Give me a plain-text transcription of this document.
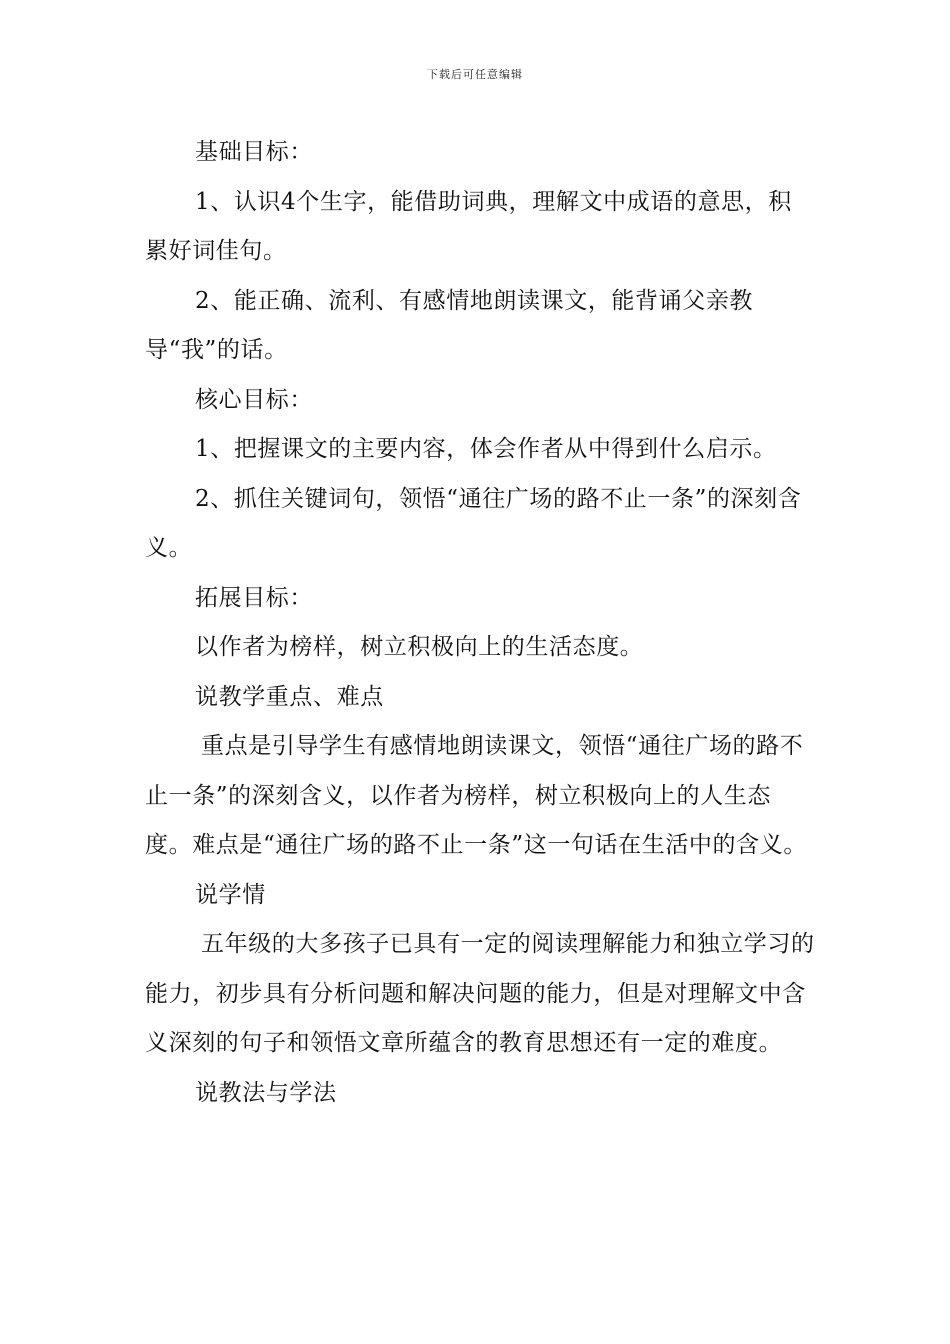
下载后可任意编辑

基础目标：

1、认识4个生字，能借助词典，理解文中成语的意思，积累好词佳句。

2、能正确、流利、有感情地朗读课文，能背诵父亲教导“我”的话。

核心目标：

1、把握课文的主要内容，体会作者从中得到什么启示。

2、抓住关键词句，领悟“通往广场的路不止一条”的深刻含义。

拓展目标：

以作者为榜样，树立积极向上的生活态度。

说教学重点、难点

重点是引导学生有感情地朗读课文，领悟“通往广场的路不止一条”的深刻含义，以作者为榜样，树立积极向上的人生态度。难点是“通往广场的路不止一条”这一句话在生活中的含义。

说学情

五年级的大多孩子已具有一定的阅读理解能力和独立学习的能力，初步具有分析问题和解决问题的能力，但是对理解文中含义深刻的句子和领悟文章所蕴含的教育思想还有一定的难度。

说教法与学法
